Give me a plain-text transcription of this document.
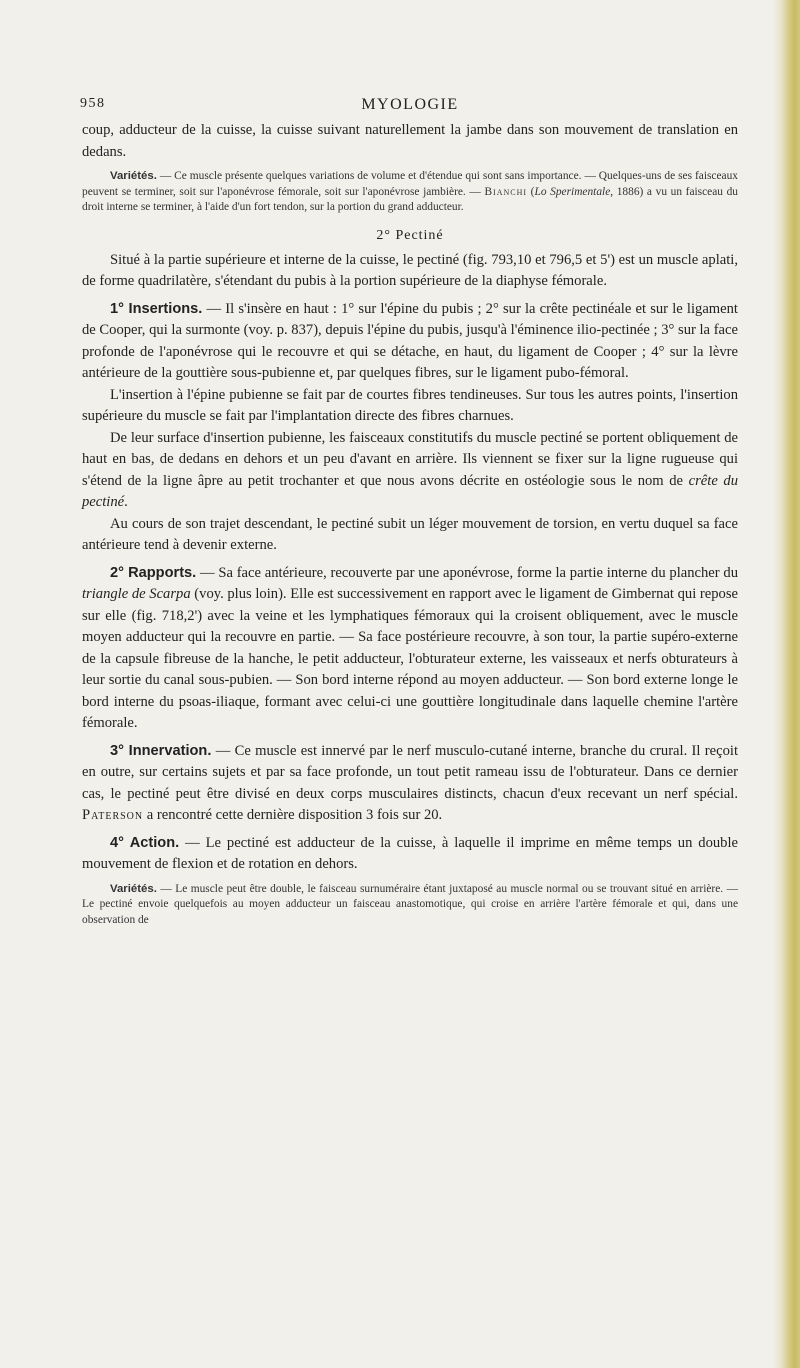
958	MYOLOGIE

coup, adducteur de la cuisse, la cuisse suivant naturellement la jambe dans son mouvement de translation en dedans.

Variétés. — Ce muscle présente quelques variations de volume et d'étendue qui sont sans importance. — Quelques-uns de ses faisceaux peuvent se terminer, soit sur l'aponévrose fémorale, soit sur l'aponévrose jambière. — Bianchi (Lo Sperimentale, 1886) a vu un faisceau du droit interne se terminer, à l'aide d'un fort tendon, sur la portion du grand adducteur.

2° Pectiné

Situé à la partie supérieure et interne de la cuisse, le pectiné (fig. 793,10 et 796,5 et 5') est un muscle aplati, de forme quadrilatère, s'étendant du pubis à la portion supérieure de la diaphyse fémorale.

1° Insertions. — Il s'insère en haut : 1° sur l'épine du pubis ; 2° sur la crête pectinéale et sur le ligament de Cooper, qui la surmonte (voy. p. 837), depuis l'épine du pubis, jusqu'à l'éminence ilio-pectinée ; 3° sur la face profonde de l'aponévrose qui le recouvre et qui se détache, en haut, du ligament de Cooper ; 4° sur la lèvre antérieure de la gouttière sous-pubienne et, par quelques fibres, sur le ligament pubo-fémoral.

L'insertion à l'épine pubienne se fait par de courtes fibres tendineuses. Sur tous les autres points, l'insertion supérieure du muscle se fait par l'implantation directe des fibres charnues.

De leur surface d'insertion pubienne, les faisceaux constitutifs du muscle pectiné se portent obliquement de haut en bas, de dedans en dehors et un peu d'avant en arrière. Ils viennent se fixer sur la ligne rugueuse qui s'étend de la ligne âpre au petit trochanter et que nous avons décrite en ostéologie sous le nom de crête du pectiné.

Au cours de son trajet descendant, le pectiné subit un léger mouvement de torsion, en vertu duquel sa face antérieure tend à devenir externe.

2° Rapports. — Sa face antérieure, recouverte par une aponévrose, forme la partie interne du plancher du triangle de Scarpa (voy. plus loin). Elle est successivement en rapport avec le ligament de Gimbernat qui repose sur elle (fig. 718,2') avec la veine et les lymphatiques fémoraux qui la croisent obliquement, avec le muscle moyen adducteur qui la recouvre en partie. — Sa face postérieure recouvre, à son tour, la partie supéro-externe de la capsule fibreuse de la hanche, le petit adducteur, l'obturateur externe, les vaisseaux et nerfs obturateurs à leur sortie du canal sous-pubien. — Son bord interne répond au moyen adducteur. — Son bord externe longe le bord interne du psoas-iliaque, formant avec celui-ci une gouttière longitudinale dans laquelle chemine l'artère fémorale.

3° Innervation. — Ce muscle est innervé par le nerf musculo-cutané interne, branche du crural. Il reçoit en outre, sur certains sujets et par sa face profonde, un tout petit rameau issu de l'obturateur. Dans ce dernier cas, le pectiné peut être divisé en deux corps musculaires distincts, chacun d'eux recevant un nerf spécial. Paterson a rencontré cette dernière disposition 3 fois sur 20.

4° Action. — Le pectiné est adducteur de la cuisse, à laquelle il imprime en même temps un double mouvement de flexion et de rotation en dehors.

Variétés. — Le muscle peut être double, le faisceau surnuméraire étant juxtaposé au muscle normal ou se trouvant situé en arrière. — Le pectiné envoie quelquefois au moyen adducteur un faisceau anastomotique, qui croise en arrière l'artère fémorale et qui, dans une observation de
